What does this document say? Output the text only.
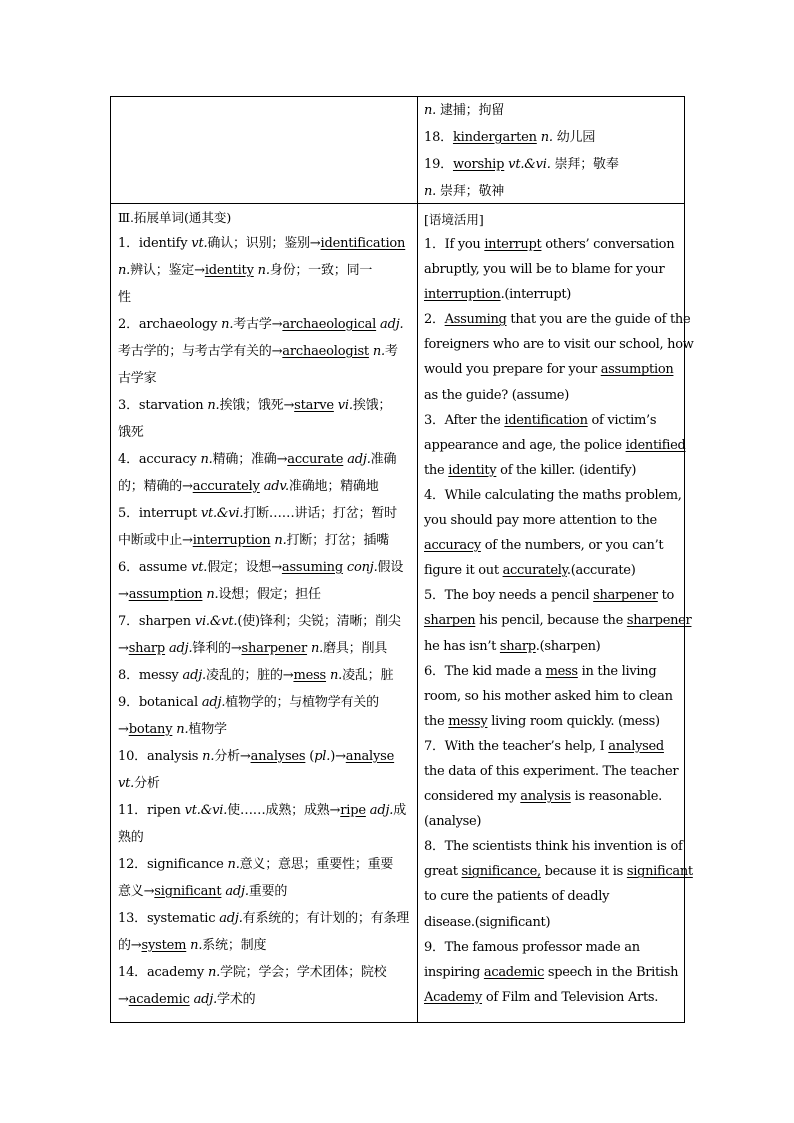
n. 逮捕；拘留
18．kindergarten n. 幼儿园
19．worship vt.&vi. 崇拜；敬奉
n. 崇拜；敬神
Ⅲ.拓展单词(通其变)
1．identify vt.确认；识别；鉴别→identification
n.辨认；鉴定→identity n.身份；一致；同一
性
2．archaeology n.考古学→archaeological adj.
考古学的；与考古学有关的→archaeologist n.考
古学家
3．starvation n.挨饿；饿死→starve vi.挨饿；
饿死
4．accuracy n.精确；准确→accurate adj.准确
的；精确的→accurately adv.准确地；精确地
5．interrupt vt.&vi.打断……讲话；打岔；暂时
中断或中止→interruption n.打断；打岔；插嘴
6．assume vt.假定；设想→assuming conj.假设
→assumption n.设想；假定；担任
7．sharpen vi.&vt.(使)锋利；尖锐；清晰；削尖
→sharp adj.锋利的→sharpener n.磨具；削具
8．messy adj.凌乱的；脏的→mess n.凌乱；脏
9．botanical adj.植物学的；与植物学有关的
→botany n.植物学
10．analysis n.分析→analyses (pl.)→analyse
vt.分析
11．ripen vt.&vi.使……成熟；成熟→ripe adj.成
熟的
12．significance n.意义；意思；重要性；重要
意义→significant adj.重要的
13．systematic adj.有系统的；有计划的；有条理
的→system n.系统；制度
14．academy n.学院；学会；学术团体；院校
→academic adj.学术的
[语境活用]
1．If you interrupt others’ conversation
abruptly, you will be to blame for your
interruption.(interrupt)
2．Assuming that you are the guide of the
foreigners who are to visit our school, how
would you prepare for your assumption
as the guide? (assume)
3．After the identification of victim’s
appearance and age, the police identified
the identity of the killer. (identify)
4．While calculating the maths problem,
you should pay more attention to the
accuracy of the numbers, or you can’t
figure it out accurately.(accurate)
5．The boy needs a pencil sharpener to
sharpen his pencil, because the sharpener
he has isn’t sharp.(sharpen)
6．The kid made a mess in the living
room, so his mother asked him to clean
the messy living room quickly. (mess)
7．With the teacher’s help, I analysed
the data of this experiment. The teacher
considered my analysis is reasonable.
(analyse)
8．The scientists think his invention is of
great significance, because it is significant
to cure the patients of deadly
disease.(significant)
9．The famous professor made an
inspiring academic speech in the British
Academy of Film and Television Arts.
